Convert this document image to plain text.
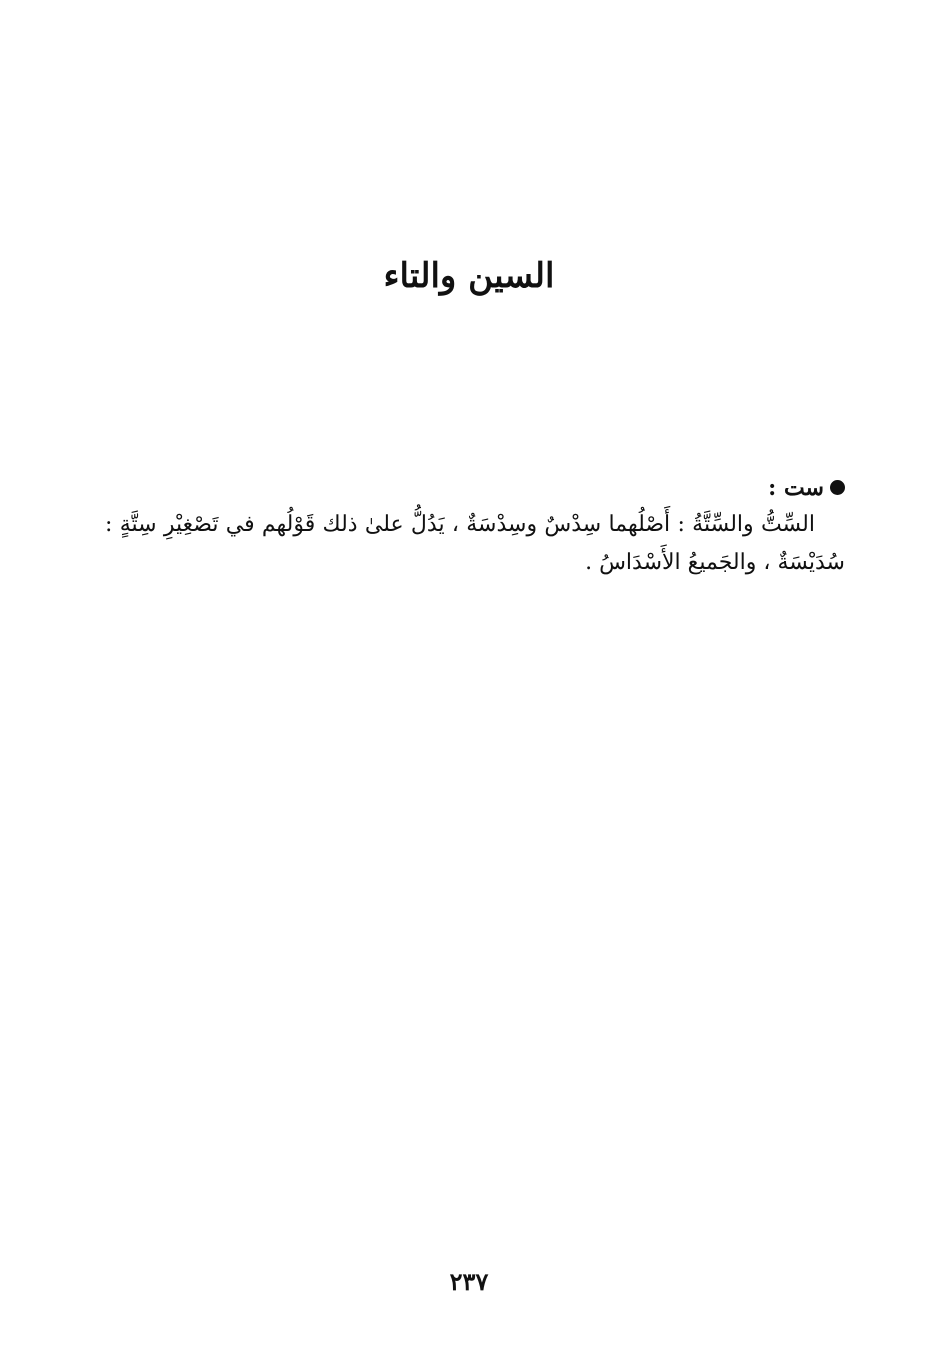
السين والتاء
ست :

السِّتُّ والسِّتَّةُ : أَصْلُهما سِدْسٌ وسِدْسَةٌ ، يَدُلُّ علىٰ ذلك قَوْلُهم في تَصْغِيْرِ سِتَّةٍ : سُدَيْسَةٌ ، والجَميعُ الأَسْدَاسُ .

٢٣٧
